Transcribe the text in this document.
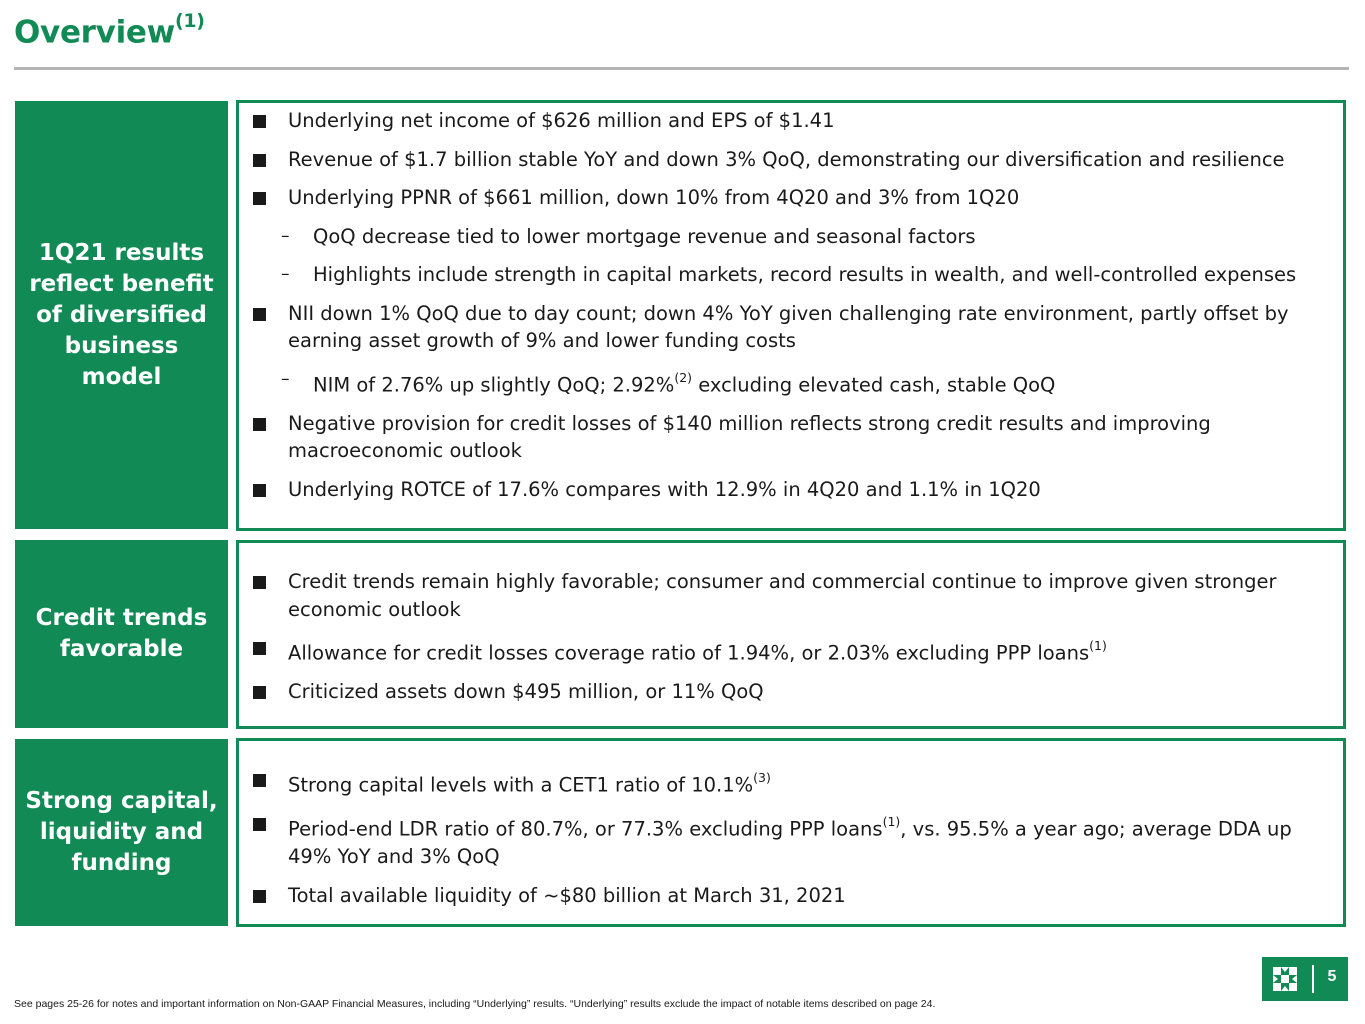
Overview$^{(1)}$
1Q21 results reflect benefit of diversified business model
Underlying net income of $626 million and EPS of $1.41
Revenue of $1.7 billion stable YoY and down 3% QoQ, demonstrating our diversification and resilience
Underlying PPNR of $661 million, down 10% from 4Q20 and 3% from 1Q20
– QoQ decrease tied to lower mortgage revenue and seasonal factors
– Highlights include strength in capital markets, record results in wealth, and well-controlled expenses
NII down 1% QoQ due to day count; down 4% YoY given challenging rate environment, partly offset by earning asset growth of 9% and lower funding costs
– NIM of 2.76% up slightly QoQ; 2.92%$^{(2)}$ excluding elevated cash, stable QoQ
Negative provision for credit losses of $140 million reflects strong credit results and improving macroeconomic outlook
Underlying ROTCE of 17.6% compares with 12.9% in 4Q20 and 1.1% in 1Q20
Credit trends favorable
Credit trends remain highly favorable; consumer and commercial continue to improve given stronger economic outlook
Allowance for credit losses coverage ratio of 1.94%, or 2.03% excluding PPP loans$^{(1)}$
Criticized assets down $495 million, or 11% QoQ
Strong capital, liquidity and funding
Strong capital levels with a CET1 ratio of 10.1%$^{(3)}$
Period-end LDR ratio of 80.7%, or 77.3% excluding PPP loans$^{(1)}$, vs. 95.5% a year ago; average DDA up 49% YoY and 3% QoQ
Total available liquidity of ~$80 billion at March 31, 2021
See pages 25-26 for notes and important information on Non-GAAP Financial Measures, including “Underlying” results. “Underlying” results exclude the impact of notable items described on page 24.
5
